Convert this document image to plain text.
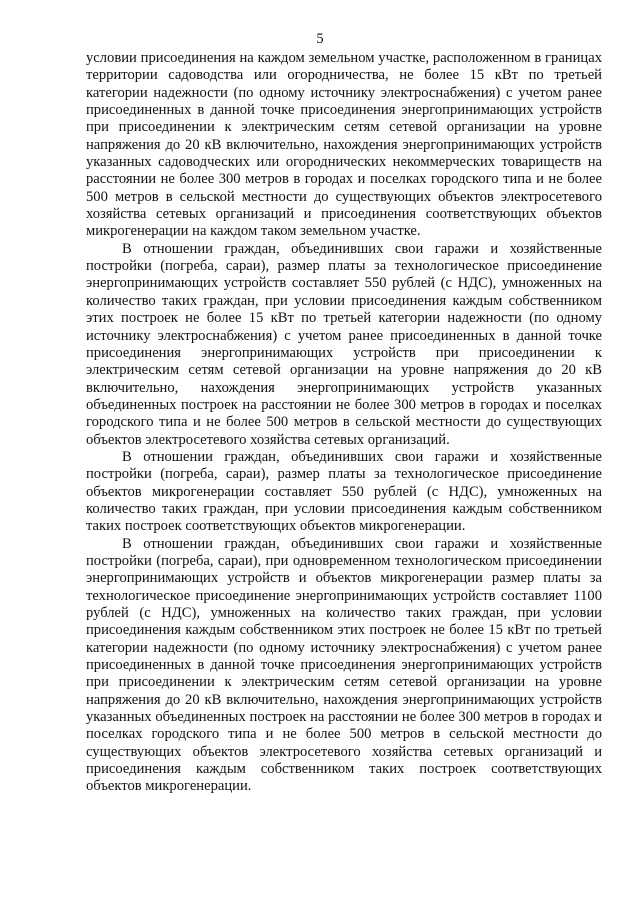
5

условии присоединения на каждом земельном участке, расположенном в границах территории садоводства или огородничества, не более 15 кВт по третьей категории надежности (по одному источнику электроснабжения) с учетом ранее присоединенных в данной точке присоединения энергопринимающих устройств при присоединении к электрическим сетям сетевой организации на уровне напряжения до 20 кВ включительно, нахождения энергопринимающих устройств указанных садоводческих или огороднических некоммерческих товариществ на расстоянии не более 300 метров в городах и поселках городского типа и не более 500 метров в сельской местности до существующих объектов электросетевого хозяйства сетевых организаций и присоединения соответствующих объектов микрогенерации на каждом таком земельном участке.

В отношении граждан, объединивших свои гаражи и хозяйственные постройки (погреба, сараи), размер платы за технологическое присоединение энергопринимающих устройств составляет 550 рублей (с НДС), умноженных на количество таких граждан, при условии присоединения каждым собственником этих построек не более 15 кВт по третьей категории надежности (по одному источнику электроснабжения) с учетом ранее присоединенных в данной точке присоединения энергопринимающих устройств при присоединении к электрическим сетям сетевой организации на уровне напряжения до 20 кВ включительно, нахождения энергопринимающих устройств указанных объединенных построек на расстоянии не более 300 метров в городах и поселках городского типа и не более 500 метров в сельской местности до существующих объектов электросетевого хозяйства сетевых организаций.

В отношении граждан, объединивших свои гаражи и хозяйственные постройки (погреба, сараи), размер платы за технологическое присоединение объектов микрогенерации составляет 550 рублей (с НДС), умноженных на количество таких граждан, при условии присоединения каждым собственником таких построек соответствующих объектов микрогенерации.

В отношении граждан, объединивших свои гаражи и хозяйственные постройки (погреба, сараи), при одновременном технологическом присоединении энергопринимающих устройств и объектов микрогенерации размер платы за технологическое присоединение энергопринимающих устройств составляет 1100 рублей (с НДС), умноженных на количество таких граждан, при условии присоединения каждым собственником этих построек не более 15 кВт по третьей категории надежности (по одному источнику электроснабжения) с учетом ранее присоединенных в данной точке присоединения энергопринимающих устройств при присоединении к электрическим сетям сетевой организации на уровне напряжения до 20 кВ включительно, нахождения энергопринимающих устройств указанных объединенных построек на расстоянии не более 300 метров в городах и поселках городского типа и не более 500 метров в сельской местности до существующих объектов электросетевого хозяйства сетевых организаций и присоединения каждым собственником таких построек соответствующих объектов микрогенерации.
